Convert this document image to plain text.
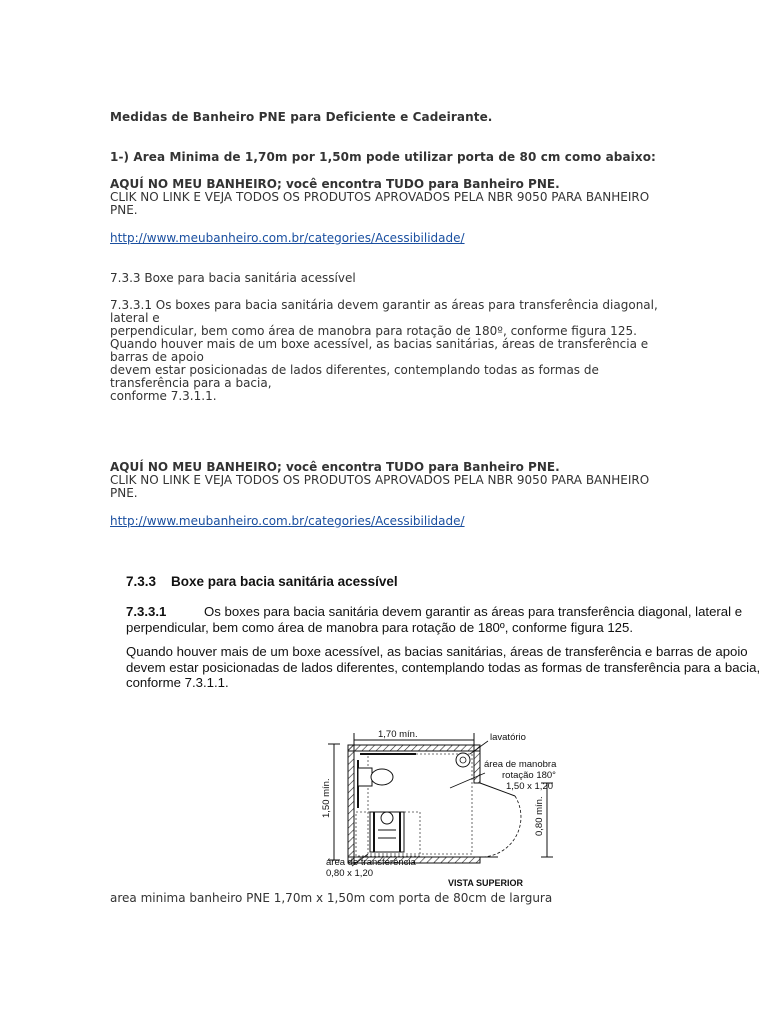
Medidas de Banheiro PNE para Deficiente e Cadeirante.
1-) Area Minima de 1,70m por 1,50m pode utilizar porta de 80 cm como abaixo:
AQUÍ NO MEU BANHEIRO; você encontra TUDO para Banheiro PNE.
CLIK NO LINK E VEJA TODOS OS PRODUTOS APROVADOS PELA NBR 9050 PARA BANHEIRO
PNE.
http://www.meubanheiro.com.br/categories/Acessibilidade/
7.3.3 Boxe para bacia sanitária acessível
7.3.3.1 Os boxes para bacia sanitária devem garantir as áreas para transferência diagonal,
lateral e
perpendicular, bem como área de manobra para rotação de 180º, conforme figura 125.
Quando houver mais de um boxe acessível, as bacias sanitárias, áreas de transferência e
barras de apoio
devem estar posicionadas de lados diferentes, contemplando todas as formas de
transferência para a bacia,
conforme 7.3.1.1.
AQUÍ NO MEU BANHEIRO; você encontra TUDO para Banheiro PNE.
CLIK NO LINK E VEJA TODOS OS PRODUTOS APROVADOS PELA NBR 9050 PARA BANHEIRO
PNE.
http://www.meubanheiro.com.br/categories/Acessibilidade/
7.3.3 Boxe para bacia sanitária acessível
7.3.3.1	Os boxes para bacia sanitária devem garantir as áreas para transferência diagonal, lateral e
perpendicular, bem como área de manobra para rotação de 180º, conforme figura 125.
Quando houver mais de um boxe acessível, as bacias sanitárias, áreas de transferência e barras de apoio
devem estar posicionadas de lados diferentes, contemplando todas as formas de transferência para a bacia,
conforme 7.3.1.1.
1,70 mín.
1,50 mín.	0,80 mín.
lavatório
área de manobra
rotação 180°
1,50 x 1,20
área de transferência
0,80 x 1,20
VISTA SUPERIOR
area minima banheiro PNE 1,70m x 1,50m com porta de 80cm de largura
